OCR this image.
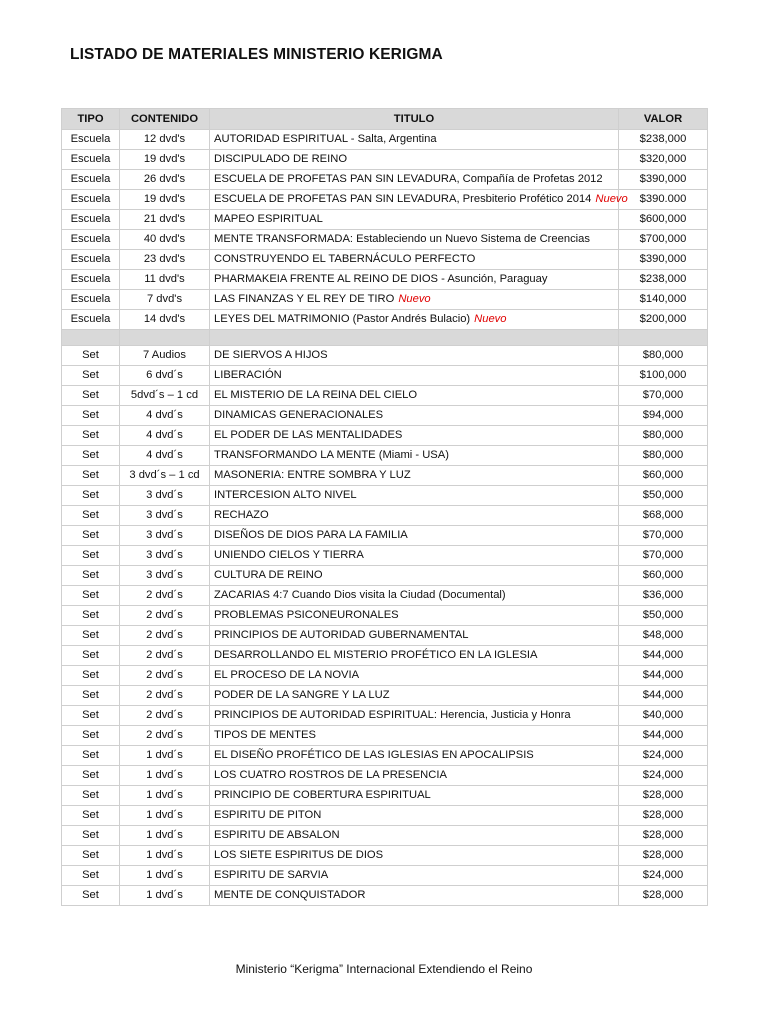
LISTADO DE MATERIALES MINISTERIO KERIGMA
TIPO	CONTENIDO	TITULO	VALOR
Escuela	12 dvd's	AUTORIDAD ESPIRITUAL - Salta, Argentina	$238,000
Escuela	19 dvd's	DISCIPULADO DE REINO	$320,000
Escuela	26 dvd's	ESCUELA DE PROFETAS PAN SIN LEVADURA, Compañía de Profetas 2012	$390,000
Escuela	19 dvd's	ESCUELA DE PROFETAS PAN SIN LEVADURA, Presbiterio Profético 2014 Nuevo	$390.000
Escuela	21 dvd's	MAPEO ESPIRITUAL	$600,000
Escuela	40 dvd's	MENTE TRANSFORMADA: Estableciendo un Nuevo Sistema de Creencias	$700,000
Escuela	23 dvd's	CONSTRUYENDO EL TABERNÁCULO PERFECTO	$390,000
Escuela	11 dvd's	PHARMAKEIA FRENTE AL REINO DE DIOS - Asunción, Paraguay	$238,000
Escuela	7 dvd's	LAS FINANZAS Y EL REY DE TIRO Nuevo	$140,000
Escuela	14 dvd's	LEYES DEL MATRIMONIO (Pastor Andrés Bulacio) Nuevo	$200,000

Set	7 Audios	DE SIERVOS A HIJOS	$80,000
Set	6 dvd´s	LIBERACIÓN	$100,000
Set	5dvd´s – 1 cd	EL MISTERIO DE LA REINA DEL CIELO	$70,000
Set	4 dvd´s	DINAMICAS GENERACIONALES	$94,000
Set	4 dvd´s	EL PODER DE LAS MENTALIDADES	$80,000
Set	4 dvd´s	TRANSFORMANDO LA MENTE (Miami - USA)	$80,000
Set	3 dvd´s – 1 cd	MASONERIA: ENTRE SOMBRA Y LUZ	$60,000
Set	3 dvd´s	INTERCESION ALTO NIVEL	$50,000
Set	3 dvd´s	RECHAZO	$68,000
Set	3 dvd´s	DISEÑOS DE DIOS PARA LA FAMILIA	$70,000
Set	3 dvd´s	UNIENDO CIELOS Y TIERRA	$70,000
Set	3 dvd´s	CULTURA DE REINO	$60,000
Set	2 dvd´s	ZACARIAS 4:7 Cuando Dios visita la Ciudad (Documental)	$36,000
Set	2 dvd´s	PROBLEMAS PSICONEURONALES	$50,000
Set	2 dvd´s	PRINCIPIOS DE AUTORIDAD GUBERNAMENTAL	$48,000
Set	2 dvd´s	DESARROLLANDO EL MISTERIO PROFÉTICO EN LA IGLESIA	$44,000
Set	2 dvd´s	EL PROCESO DE LA NOVIA	$44,000
Set	2 dvd´s	PODER DE LA SANGRE Y LA LUZ	$44,000
Set	2 dvd´s	PRINCIPIOS DE AUTORIDAD ESPIRITUAL: Herencia, Justicia y Honra	$40,000
Set	2 dvd´s	TIPOS DE MENTES	$44,000
Set	1 dvd´s	EL DISEÑO PROFÉTICO DE LAS IGLESIAS EN APOCALIPSIS	$24,000
Set	1 dvd´s	LOS CUATRO ROSTROS DE LA PRESENCIA	$24,000
Set	1 dvd´s	PRINCIPIO DE COBERTURA ESPIRITUAL	$28,000
Set	1 dvd´s	ESPIRITU DE PITON	$28,000
Set	1 dvd´s	ESPIRITU DE ABSALON	$28,000
Set	1 dvd´s	LOS SIETE ESPIRITUS DE DIOS	$28,000
Set	1 dvd´s	ESPIRITU DE SARVIA	$24,000
Set	1 dvd´s	MENTE DE CONQUISTADOR	$28,000
Ministerio “Kerigma” Internacional Extendiendo el Reino
